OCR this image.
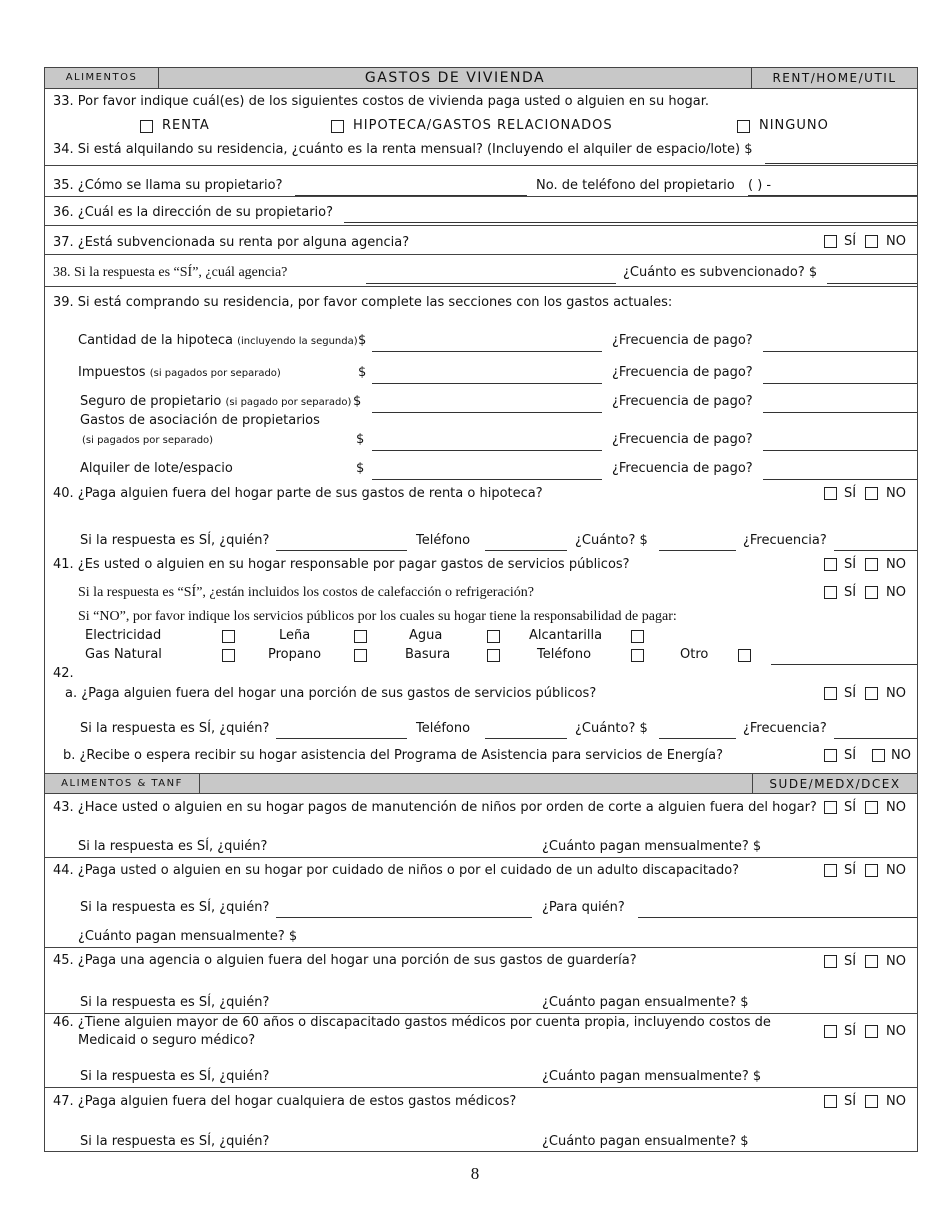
ALIMENTOS	GASTOS DE VIVIENDA	RENT/HOME/UTIL
33. Por favor indique cuál(es) de los siguientes costos de vivienda paga usted o alguien en su hogar.
RENTA	HIPOTECA/GASTOS RELACIONADOS	NINGUNO
34. Si está alquilando su residencia, ¿cuánto es la renta mensual? (Incluyendo el alquiler de espacio/lote) $
35. ¿Cómo se llama su propietario?	No. de teléfono del propietario ( ) -
36. ¿Cuál es la dirección de su propietario?
37. ¿Está subvencionada su renta por alguna agencia?	SÍ NO
38. Si la respuesta es “SÍ”, ¿cuál agencia?	¿Cuánto es subvencionado? $
39. Si está comprando su residencia, por favor complete las secciones con los gastos actuales:
Cantidad de la hipoteca (incluyendo la segunda) $	¿Frecuencia de pago?
Impuestos (si pagados por separado)	$	¿Frecuencia de pago?
Seguro de propietario (si pagado por separado) $	¿Frecuencia de pago?
Gastos de asociación de propietarios
(si pagados por separado)	$	¿Frecuencia de pago?
Alquiler de lote/espacio	$	¿Frecuencia de pago?
40. ¿Paga alguien fuera del hogar parte de sus gastos de renta o hipoteca?	SÍ NO
Si la respuesta es SÍ, ¿quién?	Teléfono	¿Cuánto? $	¿Frecuencia?
41. ¿Es usted o alguien en su hogar responsable por pagar gastos de servicios públicos?	SÍ NO
Si la respuesta es “SÍ”, ¿están incluidos los costos de calefacción o refrigeración?	SÍ NO
Si “NO”, por favor indique los servicios públicos por los cuales su hogar tiene la responsabilidad de pagar:
Electricidad	Leña	Agua	Alcantarilla
Gas Natural	Propano	Basura	Teléfono	Otro
42.
a. ¿Paga alguien fuera del hogar una porción de sus gastos de servicios públicos?	SÍ NO
Si la respuesta es SÍ, ¿quién?	Teléfono	¿Cuánto? $	¿Frecuencia?
b. ¿Recibe o espera recibir su hogar asistencia del Programa de Asistencia para servicios de Energía?	SÍ	NO
ALIMENTOS & TANF	SUDE/MEDX/DCEX
43. ¿Hace usted o alguien en su hogar pagos de manutención de niños por orden de corte a alguien fuera del hogar? SÍ NO
Si la respuesta es SÍ, ¿quién?	¿Cuánto pagan mensualmente? $
44. ¿Paga usted o alguien en su hogar por cuidado de niños o por el cuidado de un adulto discapacitado?	SÍ NO
Si la respuesta es SÍ, ¿quién?	¿Para quién?
¿Cuánto pagan mensualmente? $
45. ¿Paga una agencia o alguien fuera del hogar una porción de sus gastos de guardería?	SÍ NO
Si la respuesta es SÍ, ¿quién?	¿Cuánto pagan ensualmente? $
46. ¿Tiene alguien mayor de 60 años o discapacitado gastos médicos por cuenta propia, incluyendo costos de
Medicaid o seguro médico?
SÍ NO
Si la respuesta es SÍ, ¿quién?	¿Cuánto pagan mensualmente? $
47. ¿Paga alguien fuera del hogar cualquiera de estos gastos médicos?	SÍ NO
Si la respuesta es SÍ, ¿quién?	¿Cuánto pagan ensualmente? $
8
